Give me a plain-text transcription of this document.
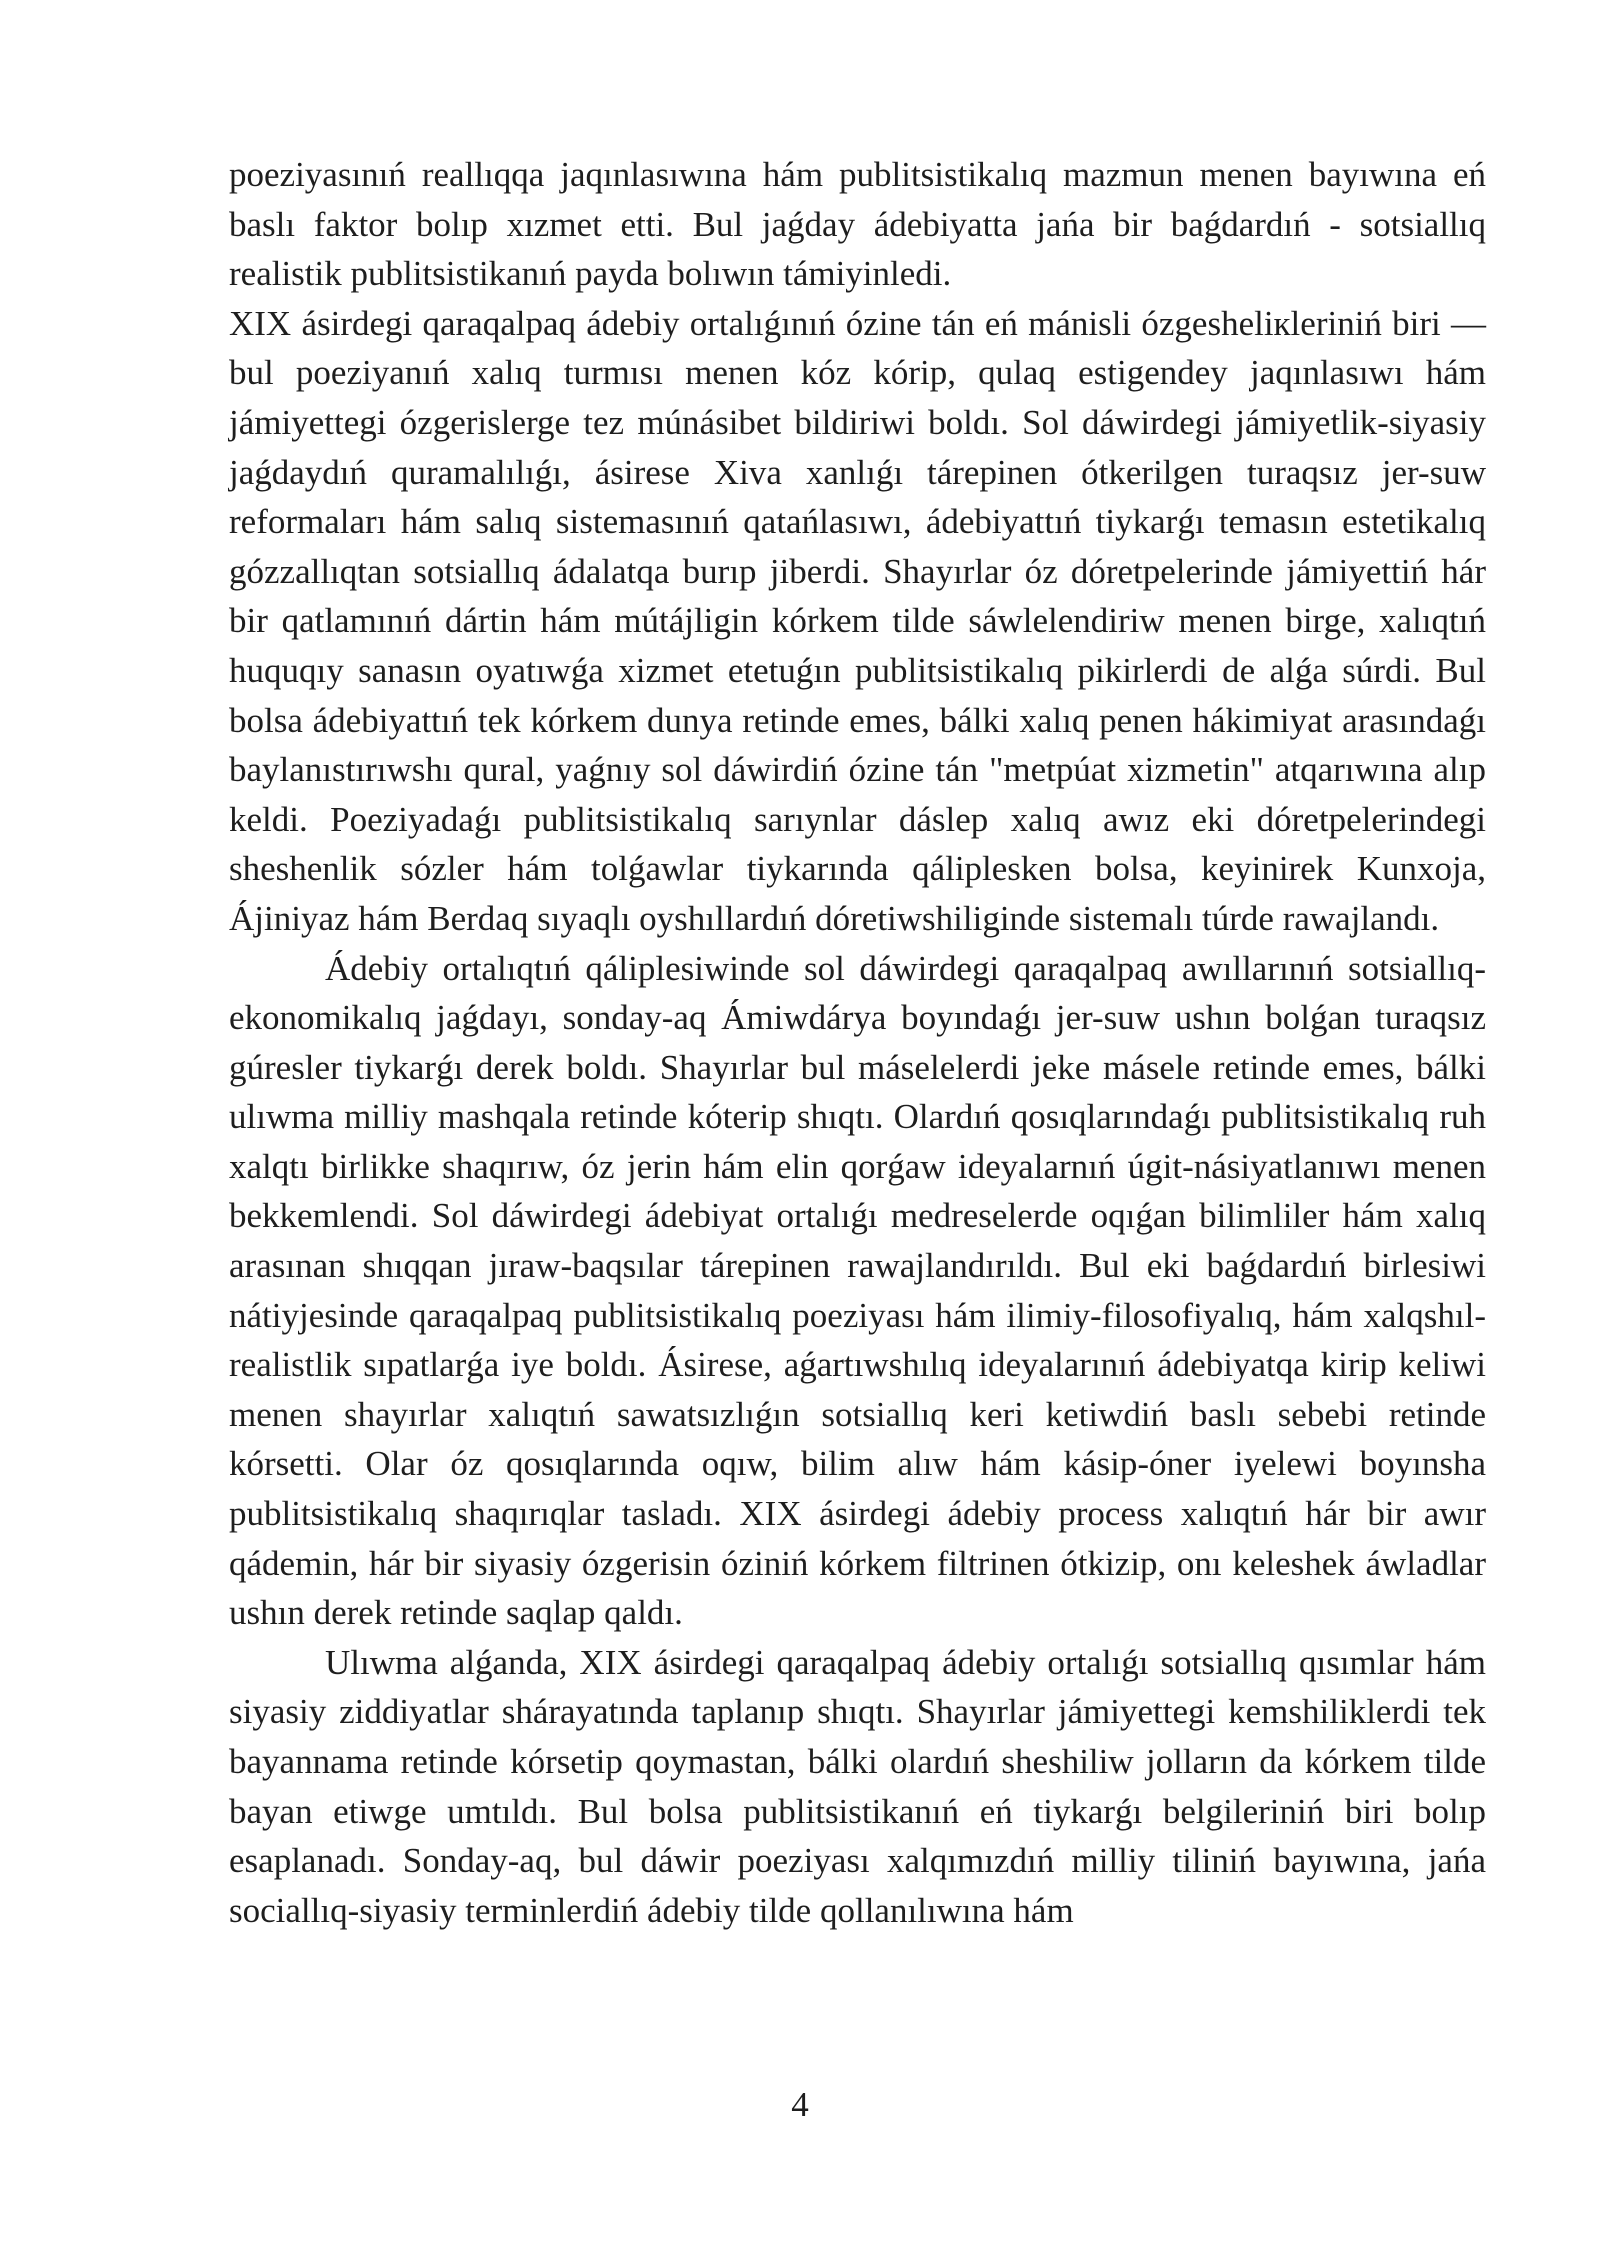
poeziyasınıń reallıqqa jaqınlasıwına hám publitsistikalıq mazmun menen bayıwına eń baslı faktor bolıp xızmet etti. Bul jaǵday ádebiyatta jańa bir baǵdardıń - sotsiallıq realistik publitsistikanıń payda bolıwın támiyinledi.

XIX ásirdegi qaraqalpaq ádebiy ortalıǵınıń ózine tán eń mánisli ózgesheliкleriniń biri — bul poeziyanıń xalıq turmısı menen kóz kórip, qulaq estigendey jaqınlasıwı hám jámiyettegi ózgerislerge tez múnásibet bildiriwi boldı. Sol dáwirdegi jámiyetlik-siyasiy jaǵdaydıń quramalılıǵı, ásirese Xiva xanlıǵı tárepinen ótkerilgen turaqsız jer-suw reformaları hám salıq sistemasınıń qatańlasıwı, ádebiyattıń tiykarǵı temasın estetikalıq gózzallıqtan sotsiallıq ádalatqa burıp jiberdi. Shayırlar óz dóretpelerinde jámiyettiń hár bir qatlamınıń dártin hám mútájligin kórkem tilde sáwlelendiriw menen birge, xalıqtıń huquqıy sanasın oyatıwǵa xizmet etetuǵın publitsistikalıq pikirlerdi de alǵa súrdi. Bul bolsa ádebiyattıń tek kórkem dunya retinde emes, bálki xalıq penen hákimiyat arasındaǵı baylanıstırıwshı qural, yaǵnıy sol dáwirdiń ózine tán "metpúat xizmetin" atqarıwına alıp keldi. Poeziyadaǵı publitsistikalıq sarıynlar dáslep xalıq awız eki dóretpelerindegi sheshenlik sózler hám tolǵawlar tiykarında qáliplesken bolsa, keyinirek Kunxoja, Ájiniyaz hám Berdaq sıyaqlı oyshıllardıń dóretiwshiligindе sistemalı túrde rawajlandı.

Ádebiy ortalıqtıń qáliplesiwinde sol dáwirdegi qaraqalpaq awıllarınıń sotsiallıq-ekonomikalıq jaǵdayı, sonday-aq Ámiwdárya boyındaǵı jer-suw ushın bolǵan turaqsız gúresler tiykarǵı derek boldı. Shayırlar bul máselelerdi jeke másele retinde emes, bálki ulıwma milliy mashqala retinde kóterip shıqtı. Olardıń qosıqlarındaǵı publitsistikalıq ruh xalqtı birlikke shaqırıw, óz jerin hám elin qorǵaw ideyalarnıń úgit-násiyatlanıwı menen bekkemlendi. Sol dáwirdegi ádebiyat ortalıǵı medreselerde oqıǵan bilimliler hám xalıq arasınan shıqqan jıraw-baqsılar tárepinen rawajlandırıldı. Bul eki baǵdardıń birlesiwi nátiyjesinde qaraqalpaq publitsistikalıq poeziyası hám ilimiy-filosofiyalıq, hám xalqshıl-realistlik sıpatlarǵa iye boldı. Ásirese, aǵartıwshılıq ideyalarınıń ádebiyatqa kirip keliwi menen shayırlar xalıqtıń sawatsızlıǵın sotsiallıq keri ketiwdiń baslı sebebi retinde kórsetti. Olar óz qosıqlarında oqıw, bilim alıw hám kásip-óner iyelewi boyınsha publitsistikalıq shaqırıqlar tasladı. XIX ásirdegi ádebiy process xalıqtıń hár bir awır qádemin, hár bir siyasiy ózgerisin óziniń kórkem filtrinen ótkizip, onı keleshek áwladlar ushın derek retinde saqlap qaldı.

Ulıwma alǵanda, XIX ásirdegi qaraqalpaq ádebiy ortalıǵı sotsiallıq qısımlar hám siyasiy ziddiyatlar shárayatında taplanıp shıqtı. Shayırlar jámiyettegi kemshiliklerdi tek bayannama retinde kórsetip qoymastan, bálki olardıń sheshiliw jolların da kórkem tilde bayan etiwge umtıldı. Bul bolsa publitsistikanıń eń tiykarǵı belgileriniń biri bolıp esaplanadı. Sonday-aq, bul dáwir poeziyası xalqımızdıń milliy tiliniń bayıwına, jańa sociallıq-siyasiy terminlerdiń ádebiy tilde qollanılıwına hám

4
